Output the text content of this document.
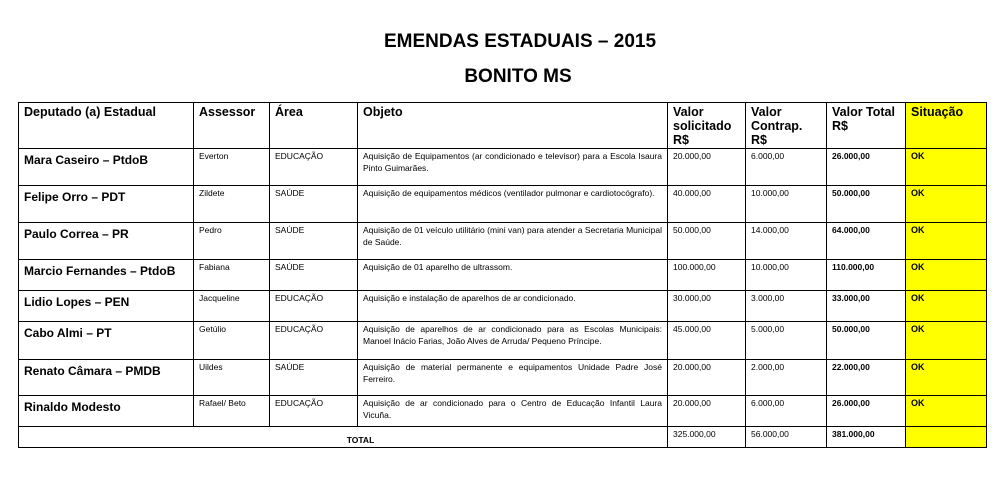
EMENDAS ESTADUAIS – 2015
BONITO MS
Deputado (a) Estadual	Assessor	Área	Objeto	Valor solicitado R$	Valor Contrap. R$	Valor Total R$	Situação
Mara Caseiro – PtdoB	Everton	EDUCAÇÃO	Aquisição de Equipamentos (ar condicionado e televisor) para a Escola Isaura Pinto Guimarães.	20.000,00	6.000,00	26.000,00	OK
Felipe Orro – PDT	Zildete	SAÚDE	Aquisição de equipamentos médicos (ventilador pulmonar e cardiotocógrafo).	40.000,00	10.000,00	50.000,00	OK
Paulo Correa – PR	Pedro	SAÚDE	Aquisição de 01 veículo utilitário (mini van) para atender a Secretaria Municipal de Saúde.	50.000,00	14.000,00	64.000,00	OK
Marcio Fernandes – PtdoB	Fabiana	SAÚDE	Aquisição de 01 aparelho de ultrassom.	100.000,00	10.000,00	110.000,00	OK
Lidio Lopes – PEN	Jacqueline	EDUCAÇÃO	Aquisição e instalação de aparelhos de ar condicionado.	30.000,00	3.000,00	33.000,00	OK
Cabo Almi – PT	Getúlio	EDUCAÇÃO	Aquisição de aparelhos de ar condicionado para as Escolas Municipais: Manoel Inácio Farias, João Alves de Arruda/ Pequeno Príncipe.	45.000,00	5.000,00	50.000,00	OK
Renato Câmara – PMDB	Uildes	SAÚDE	Aquisição de material permanente e equipamentos Unidade Padre José Ferreiro.	20.000,00	2.000,00	22.000,00	OK
Rinaldo Modesto	Rafael/ Beto	EDUCAÇÃO	Aquisição de ar condicionado para o Centro de Educação Infantil Laura Vicuña.	20.000,00	6.000,00	26.000,00	OK
TOTAL				325.000,00	56.000,00	381.000,00	
